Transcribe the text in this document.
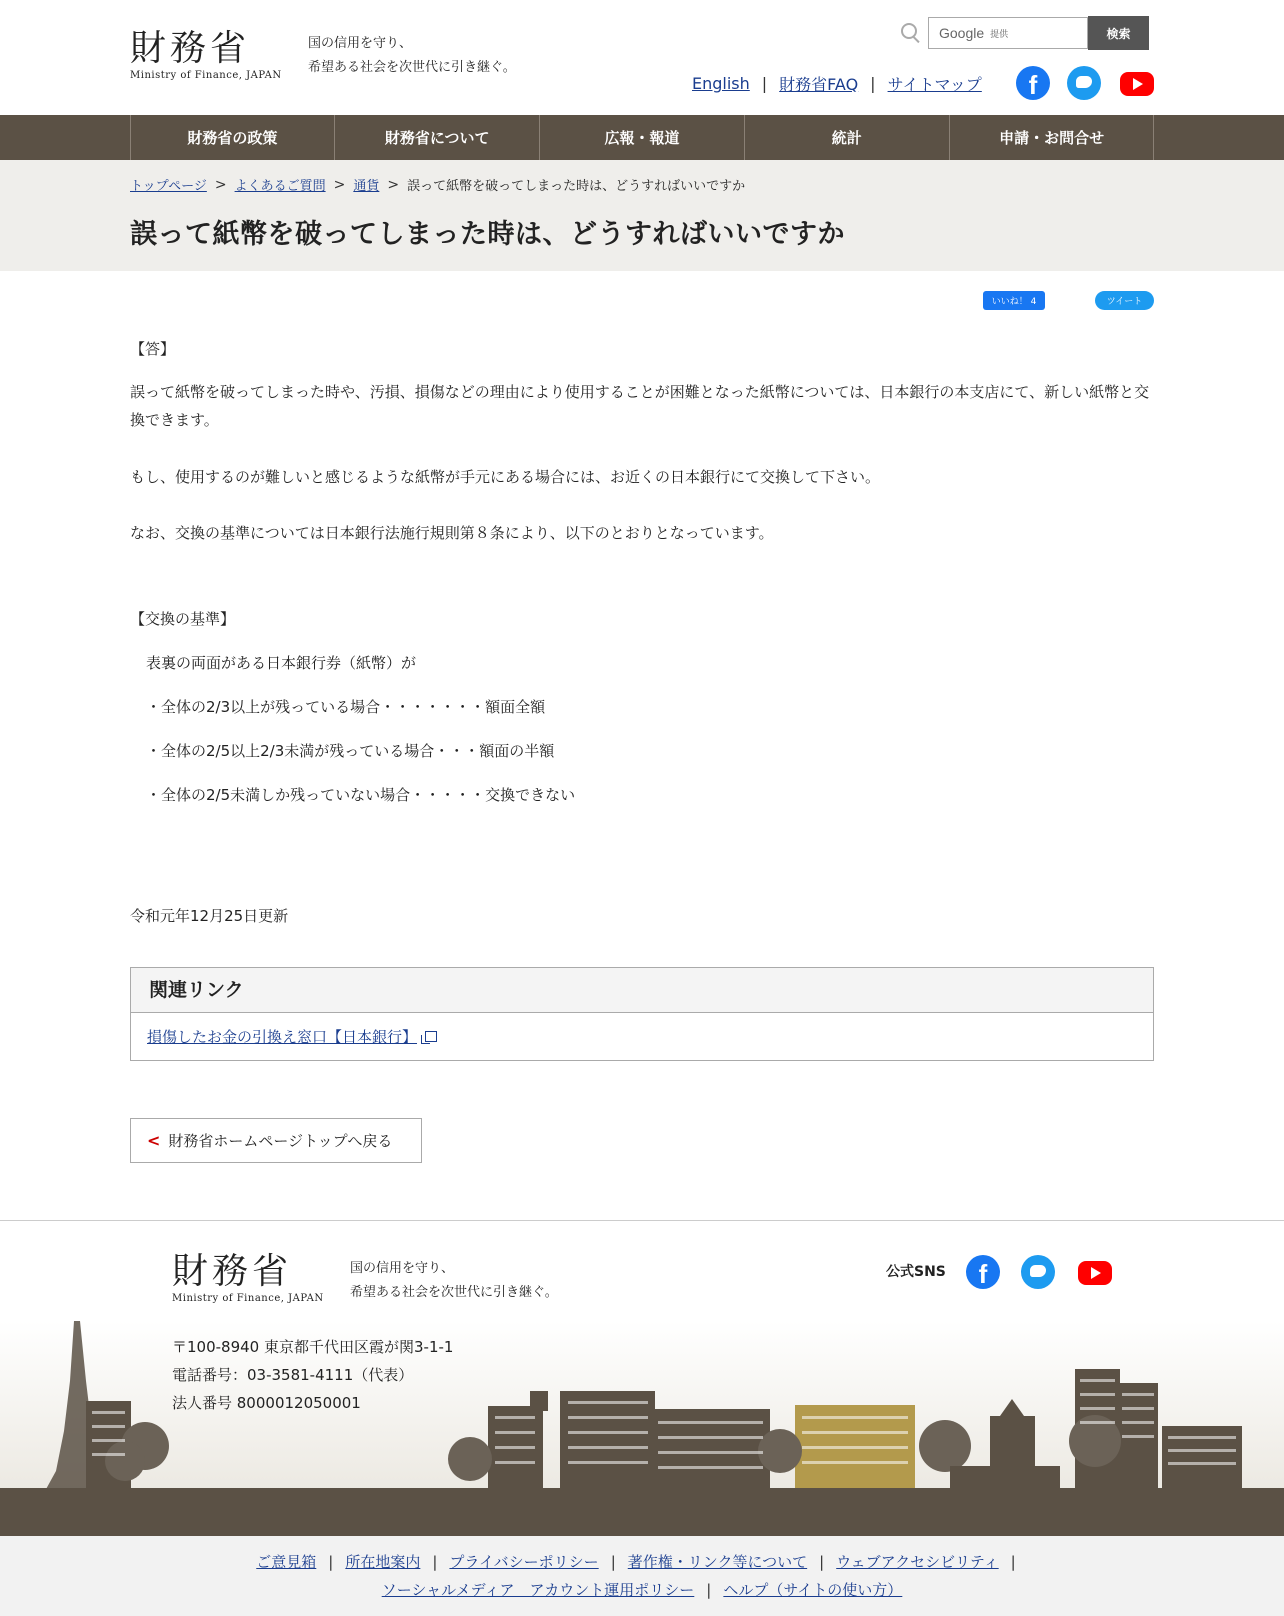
財務省
Ministry of Finance, JAPAN
国の信用を守り、
希望ある社会を次世代に引き継ぐ。
Google 提供	検索
English | 財務省FAQ | サイトマップ	f
財務省の政策	財務省について	広報・報道	統計	申請・お問合せ
トップページ > よくあるご質問 > 通貨 > 誤って紙幣を破ってしまった時は、どうすればいいですか
誤って紙幣を破ってしまった時は、どうすればいいですか
いいね！ 4	ツイート

【答】

誤って紙幣を破ってしまった時や、汚損、損傷などの理由により使用することが困難となった紙幣については、日本銀行の本支店にて、新しい紙幣と交換できます。

もし、使用するのが難しいと感じるような紙幣が手元にある場合には、お近くの日本銀行にて交換して下さい。

なお、交換の基準については日本銀行法施行規則第８条により、以下のとおりとなっています。

【交換の基準】

表裏の両面がある日本銀行券（紙幣）が

・全体の2/3以上が残っている場合・・・・・・・額面全額

・全体の2/5以上2/3未満が残っている場合・・・額面の半額

・全体の2/5未満しか残っていない場合・・・・・交換できない

令和元年12月25日更新

関連リンク
損傷したお金の引換え窓口【日本銀行】
< 財務省ホームページトップへ戻る
財務省
Ministry of Finance, JAPAN
国の信用を守り、
希望ある社会を次世代に引き継ぐ。
公式SNS	f
〒100-8940 東京都千代田区霞が関3-1-1
電話番号：03-3581-4111（代表）
法人番号 8000012050001
ご意見箱 | 所在地案内 | プライバシーポリシー | 著作権・リンク等について | ウェブアクセシビリティ |
ソーシャルメディア　アカウント運用ポリシー | ヘルプ（サイトの使い方）
